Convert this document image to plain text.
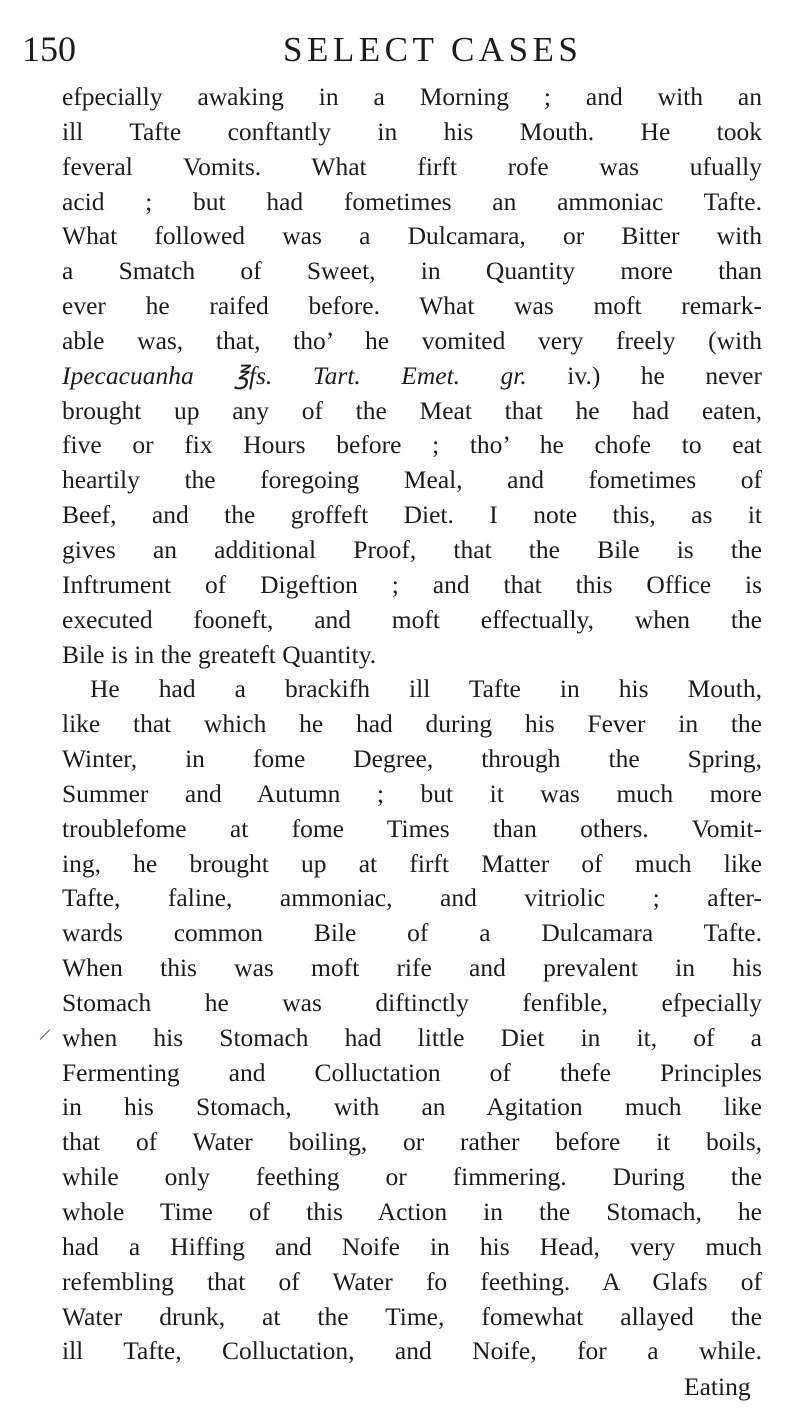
150	SELECT CASES
efpecially awaking in a Morning ; and with an
ill Tafte conftantly in his Mouth. He took
feveral Vomits. What firft rofe was ufually
acid ; but had fometimes an ammoniac Tafte.
What followed was a Dulcamara, or Bitter with
a Smatch of Sweet, in Quantity more than
ever he raifed before. What was moft remark-
able was, that, tho’ he vomited very freely (with
Ipecacuanha ℥fs. Tart. Emet. gr. iv.) he never
brought up any of the Meat that he had eaten,
five or fix Hours before ; tho’ he chofe to eat
heartily the foregoing Meal, and fometimes of
Beef, and the groffeft Diet. I note this, as it
gives an additional Proof, that the Bile is the
Inftrument of Digeftion ; and that this Office is
executed fooneft, and moft effectually, when the
Bile is in the greateft Quantity.
He had a brackifh ill Tafte in his Mouth,
like that which he had during his Fever in the
Winter, in fome Degree, through the Spring,
Summer and Autumn ; but it was much more
troublefome at fome Times than others. Vomit-
ing, he brought up at firft Matter of much like
Tafte, faline, ammoniac, and vitriolic ; after-
wards common Bile of a Dulcamara Tafte.
When this was moft rife and prevalent in his
Stomach he was diftinctly fenfible, efpecially
when his Stomach had little Diet in it, of a
Fermenting and Colluctation of thefe Principles
in his Stomach, with an Agitation much like
that of Water boiling, or rather before it boils,
while only feething or fimmering. During the
whole Time of this Action in the Stomach, he
had a Hiffing and Noife in his Head, very much
refembling that of Water fo feething. A Glafs of
Water drunk, at the Time, fomewhat allayed the
ill Tafte, Colluctation, and Noife, for a while.
Eating
